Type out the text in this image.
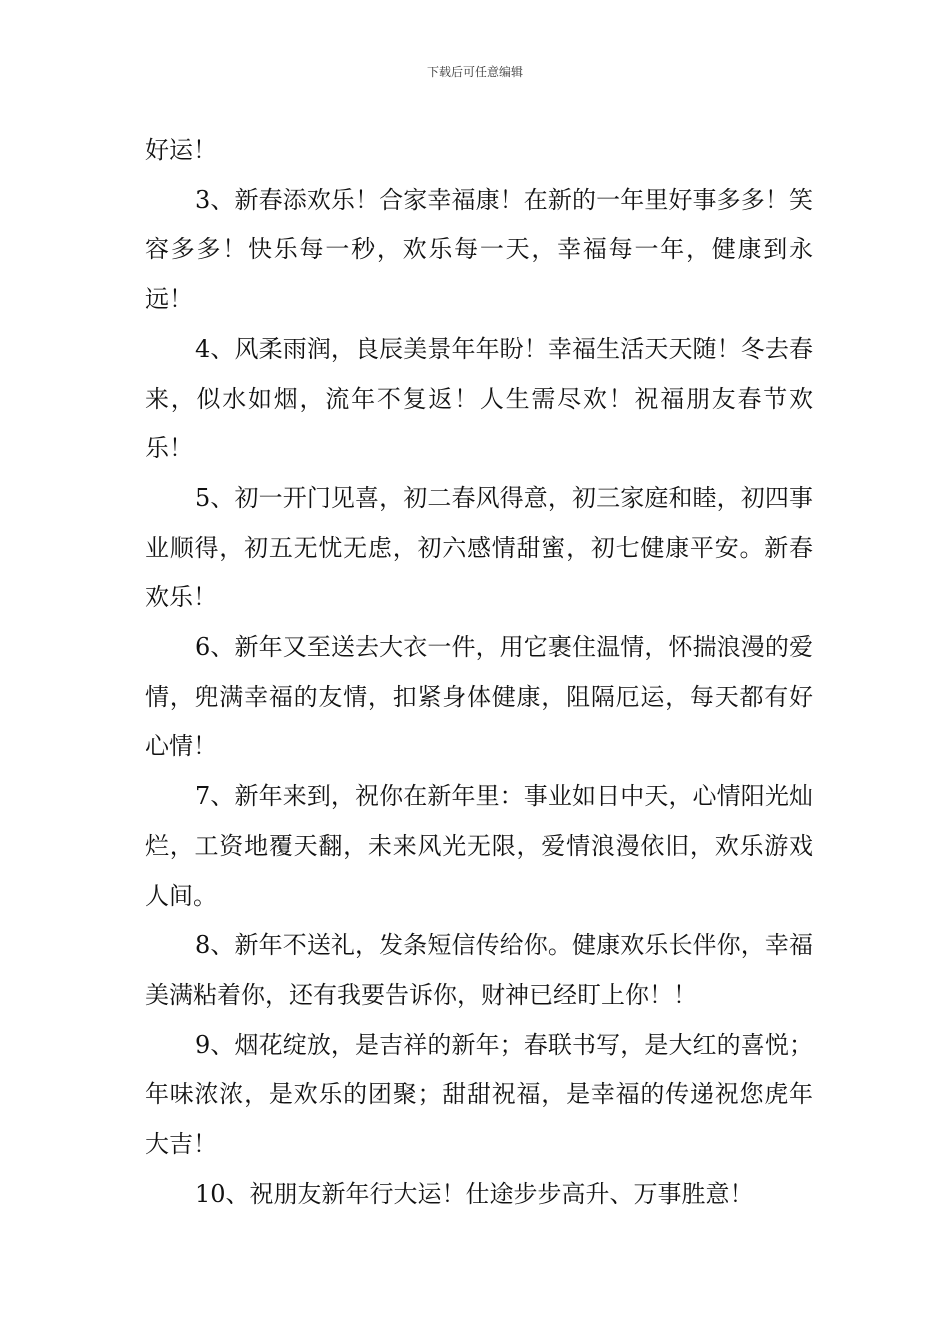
下载后可任意编辑

好运！

3、新春添欢乐！合家幸福康！在新的一年里好事多多！笑容多多！快乐每一秒，欢乐每一天，幸福每一年，健康到永远！

4、风柔雨润，良辰美景年年盼！幸福生活天天随！冬去春来，似水如烟，流年不复返！人生需尽欢！祝福朋友春节欢乐！

5、初一开门见喜，初二春风得意，初三家庭和睦，初四事业顺得，初五无忧无虑，初六感情甜蜜，初七健康平安。新春欢乐！

6、新年又至送去大衣一件，用它裹住温情，怀揣浪漫的爱情，兜满幸福的友情，扣紧身体健康，阻隔厄运，每天都有好心情！

7、新年来到，祝你在新年里：事业如日中天，心情阳光灿烂，工资地覆天翻，未来风光无限，爱情浪漫依旧，欢乐游戏人间。

8、新年不送礼，发条短信传给你。健康欢乐长伴你，幸福美满粘着你，还有我要告诉你，财神已经盯上你！！

9、烟花绽放，是吉祥的新年；春联书写，是大红的喜悦；年味浓浓，是欢乐的团聚；甜甜祝福，是幸福的传递祝您虎年大吉！

10、祝朋友新年行大运！仕途步步高升、万事胜意！
